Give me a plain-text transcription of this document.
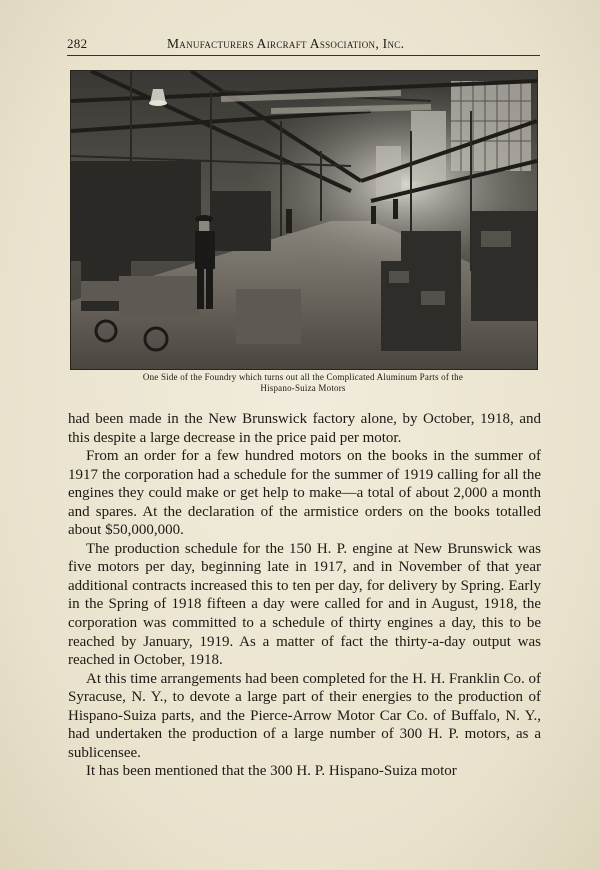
282	Manufacturers Aircraft Association, Inc.
One Side of the Foundry which turns out all the Complicated Aluminum Parts of the
Hispano-Suiza Motors

had been made in the New Brunswick factory alone, by October, 1918, and this despite a large decrease in the price paid per motor.

From an order for a few hundred motors on the books in the summer of 1917 the corporation had a schedule for the summer of 1919 calling for all the engines they could make or get help to make—a total of about 2,000 a month and spares. At the declaration of the armistice orders on the books totalled about $50,000,000.

The production schedule for the 150 H. P. engine at New Brunswick was five motors per day, beginning late in 1917, and in November of that year additional contracts increased this to ten per day, for delivery by Spring. Early in the Spring of 1918 fifteen a day were called for and in August, 1918, the corporation was committed to a schedule of thirty engines a day, this to be reached by January, 1919. As a matter of fact the thirty-a-day output was reached in October, 1918.

At this time arrangements had been completed for the H. H. Franklin Co. of Syracuse, N. Y., to devote a large part of their energies to the production of Hispano-Suiza parts, and the Pierce-Arrow Motor Car Co. of Buffalo, N. Y., had undertaken the production of a large number of 300 H. P. motors, as a sublicensee.

It has been mentioned that the 300 H. P. Hispano-Suiza motor
